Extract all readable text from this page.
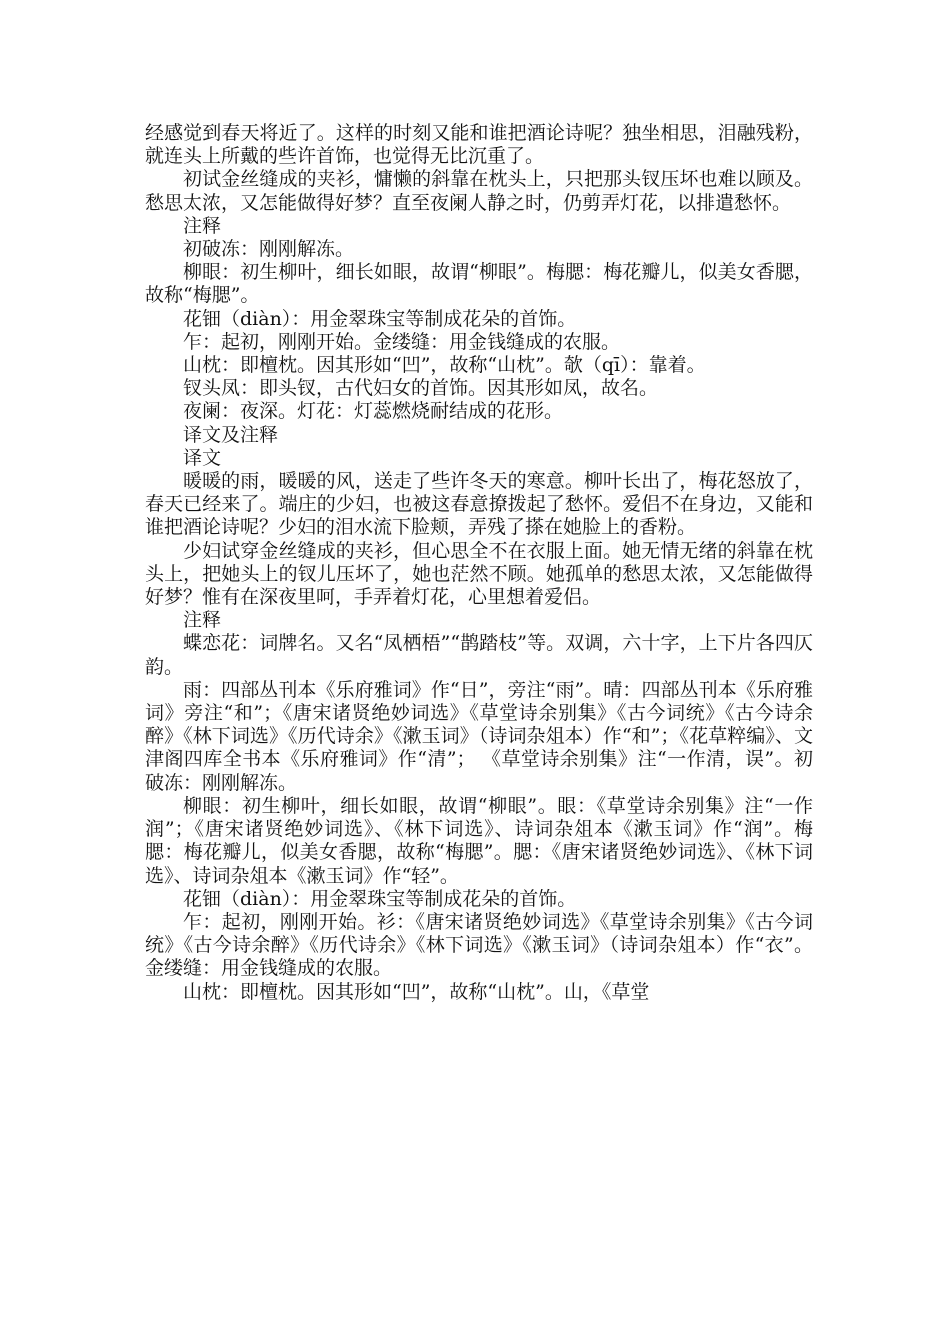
经感觉到春天将近了。这样的时刻又能和谁把酒论诗呢？独坐相思，泪融残粉，就连头上所戴的些许首饰，也觉得无比沉重了。

初试金丝缝成的夹衫，慵懒的斜靠在枕头上，只把那头钗压坏也难以顾及。愁思太浓，又怎能做得好梦？直至夜阑人静之时，仍剪弄灯花，以排遣愁怀。

注释

初破冻：刚刚解冻。

柳眼：初生柳叶，细长如眼，故谓“柳眼”。梅腮：梅花瓣儿，似美女香腮，故称“梅腮”。

花钿（diàn）：用金翠珠宝等制成花朵的首饰。

乍：起初，刚刚开始。金缕缝：用金钱缝成的农服。

山枕：即檀枕。因其形如“凹”，故称“山枕”。欹（qī）：靠着。

钗头凤：即头钗，古代妇女的首饰。因其形如凤，故名。

夜阑：夜深。灯花：灯蕊燃烧耐结成的花形。

译文及注释

译文

暖暖的雨，暖暖的风，送走了些许冬天的寒意。柳叶长出了，梅花怒放了，春天已经来了。端庄的少妇，也被这春意撩拨起了愁怀。爱侣不在身边，又能和谁把酒论诗呢？少妇的泪水流下脸颊，弄残了搽在她脸上的香粉。

少妇试穿金丝缝成的夹衫，但心思全不在衣服上面。她无情无绪的斜靠在枕头上，把她头上的钗儿压坏了，她也茫然不顾。她孤单的愁思太浓，又怎能做得好梦？惟有在深夜里呵，手弄着灯花，心里想着爱侣。

注释

蝶恋花：词牌名。又名“凤栖梧”“鹊踏枝”等。双调，六十字，上下片各四仄韵。

雨：四部丛刊本《乐府雅词》作“日”，旁注“雨”。晴：四部丛刊本《乐府雅词》旁注“和”；《唐宋诸贤绝妙词选》《草堂诗余别集》《古今词统》《古今诗余醉》《林下词选》《历代诗余》《漱玉词》（诗词杂俎本）作“和”；《花草粹编》、文津阁四库全书本《乐府雅词》作“清”； 《草堂诗余别集》注“一作清，误”。初破冻：刚刚解冻。

柳眼：初生柳叶，细长如眼，故谓“柳眼”。眼：《草堂诗余别集》注“一作润”；《唐宋诸贤绝妙词选》、《林下词选》、诗词杂俎本《漱玉词》作“润”。梅腮：梅花瓣儿，似美女香腮，故称“梅腮”。腮：《唐宋诸贤绝妙词选》、《林下词选》、诗词杂俎本《漱玉词》作“轻”。

花钿（diàn）：用金翠珠宝等制成花朵的首饰。

乍：起初，刚刚开始。衫：《唐宋诸贤绝妙词选》《草堂诗余别集》《古今词统》《古今诗余醉》《历代诗余》《林下词选》《漱玉词》（诗词杂俎本）作“衣”。金缕缝：用金钱缝成的农服。

山枕：即檀枕。因其形如“凹”，故称“山枕”。山，《草堂
